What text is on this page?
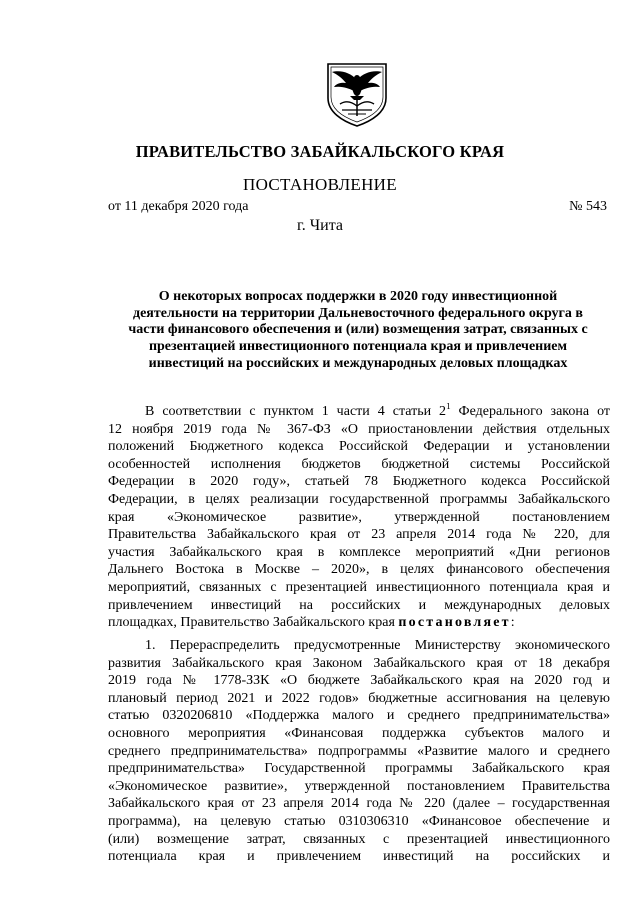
ПРАВИТЕЛЬСТВО ЗАБАЙКАЛЬСКОГО КРАЯ
ПОСТАНОВЛЕНИЕ
от 11 декабря 2020 года	№ 543
г. Чита
О некоторых вопросах поддержки в 2020 году инвестиционной
деятельности на территории Дальневосточного федерального округа в
части финансового обеспечения и (или) возмещения затрат, связанных с
презентацией инвестиционного потенциала края и привлечением
инвестиций на российских и международных деловых площадках
В соответствии с пунктом 1 части 4 статьи $2^1$ Федерального закона от
12 ноября 2019 года № 367-ФЗ «О приостановлении действия отдельных
положений Бюджетного кодекса Российской Федерации и установлении
особенностей исполнения бюджетов бюджетной системы Российской
Федерации в 2020 году», статьей 78 Бюджетного кодекса Российской
Федерации, в целях реализации государственной программы Забайкальского
края «Экономическое развитие», утвержденной постановлением
Правительства Забайкальского края от 23 апреля 2014 года № 220, для
участия Забайкальского края в комплексе мероприятий «Дни регионов
Дальнего Востока в Москве – 2020», в целях финансового обеспечения
мероприятий, связанных с презентацией инвестиционного потенциала края и
привлечением инвестиций на российских и международных деловых
площадках, Правительство Забайкальского края постановляет:
1. Перераспределить предусмотренные Министерству экономического
развития Забайкальского края Законом Забайкальского края от 18 декабря
2019 года № 1778-ЗЗК «О бюджете Забайкальского края на 2020 год и
плановый период 2021 и 2022 годов» бюджетные ассигнования на целевую
статью 0320206810 «Поддержка малого и среднего предпринимательства»
основного мероприятия «Финансовая поддержка субъектов малого и
среднего предпринимательства» подпрограммы «Развитие малого и среднего
предпринимательства» Государственной программы Забайкальского края
«Экономическое развитие», утвержденной постановлением Правительства
Забайкальского края от 23 апреля 2014 года № 220 (далее – государственная
программа), на целевую статью 0310306310 «Финансовое обеспечение и
(или) возмещение затрат, связанных с презентацией инвестиционного
потенциала края и привлечением инвестиций на российских и
